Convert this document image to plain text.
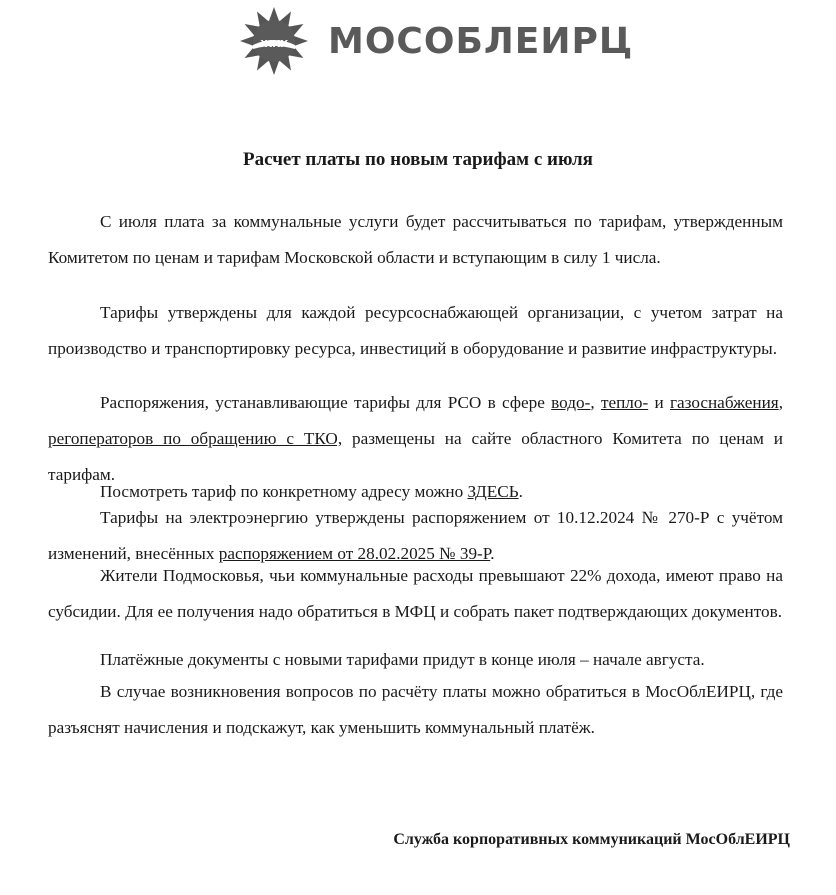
ЖКХ МОСОБЛЕИРЦ
Расчет платы по новым тарифам с июля
С июля плата за коммунальные услуги будет рассчитываться по тарифам, утвержденным Комитетом по ценам и тарифам Московской области и вступающим в силу 1 числа.
Тарифы утверждены для каждой ресурсоснабжающей организации, с учетом затрат на производство и транспортировку ресурса, инвестиций в оборудование и развитие инфраструктуры.
Распоряжения, устанавливающие тарифы для РСО в сфере водо-, тепло- и газоснабжения, регоператоров по обращению с ТКО, размещены на сайте областного Комитета по ценам и тарифам.
Посмотреть тариф по конкретному адресу можно ЗДЕСЬ.
Тарифы на электроэнергию утверждены распоряжением от 10.12.2024 № 270-Р с учётом изменений, внесённых распоряжением от 28.02.2025 № 39-Р.
Жители Подмосковья, чьи коммунальные расходы превышают 22% дохода, имеют право на субсидии. Для ее получения надо обратиться в МФЦ и собрать пакет подтверждающих документов.
Платёжные документы с новыми тарифами придут в конце июля – начале августа.
В случае возникновения вопросов по расчёту платы можно обратиться в МосОблЕИРЦ, где разъяснят начисления и подскажут, как уменьшить коммунальный платёж.
Служба корпоративных коммуникаций МосОблЕИРЦ
